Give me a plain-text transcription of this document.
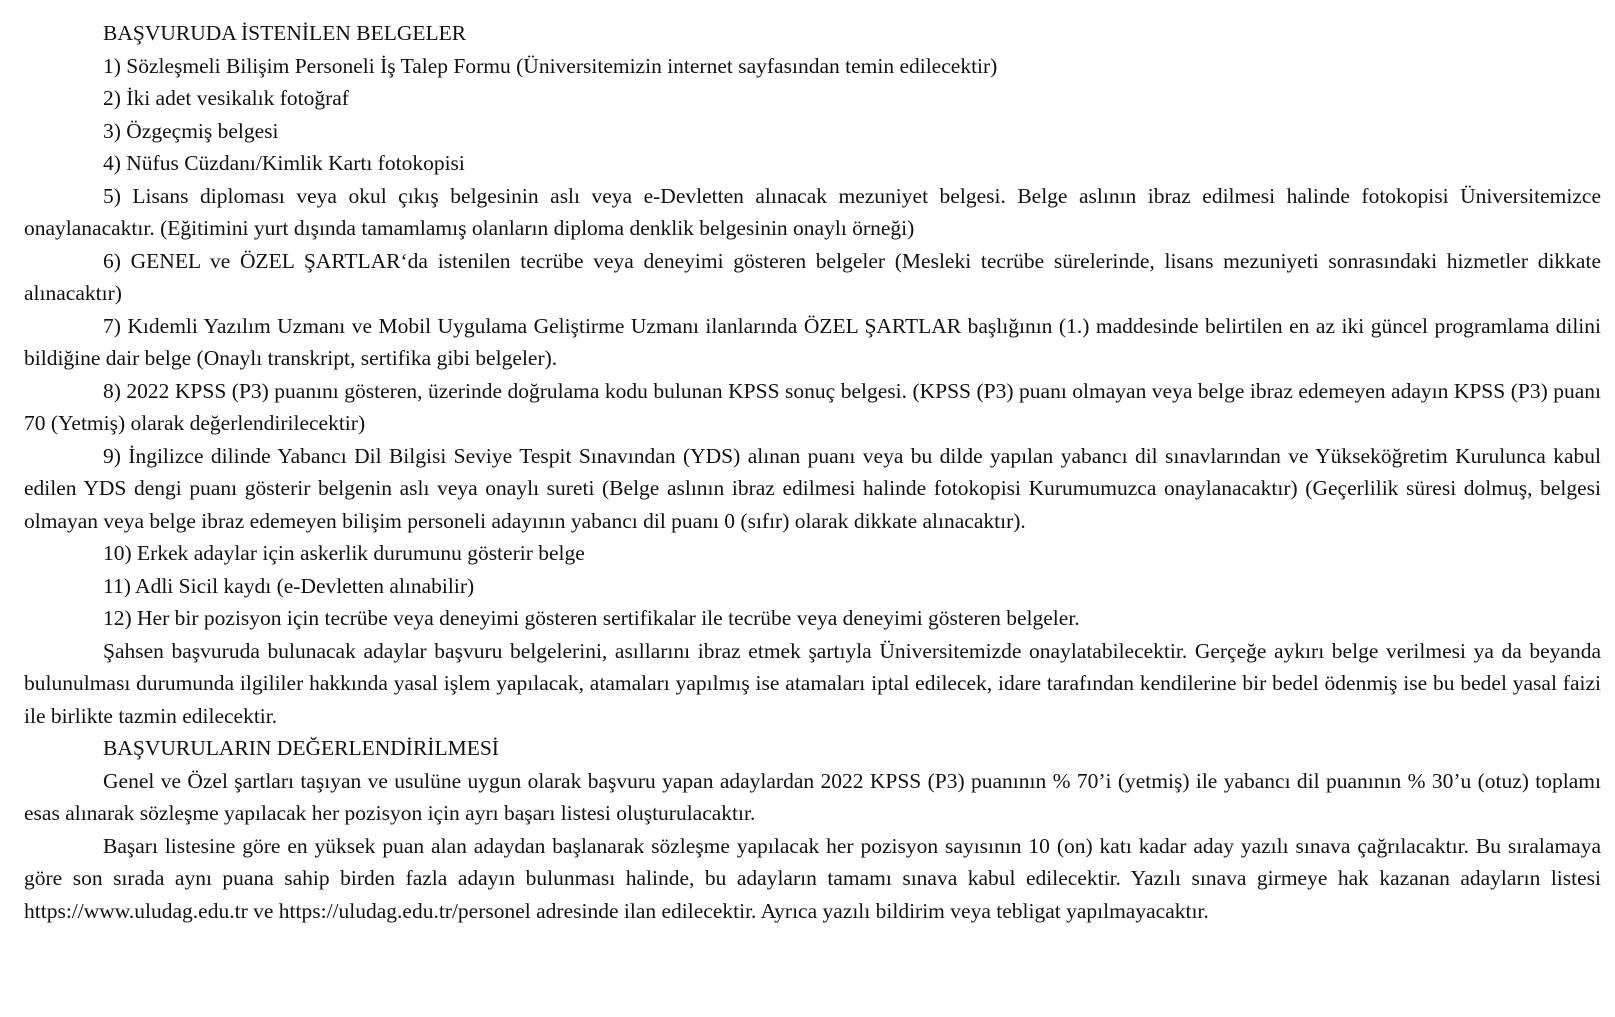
BAŞVURUDA İSTENİLEN BELGELER

1) Sözleşmeli Bilişim Personeli İş Talep Formu (Üniversitemizin internet sayfasından temin edilecektir)

2) İki adet vesikalık fotoğraf

3) Özgeçmiş belgesi

4) Nüfus Cüzdanı/Kimlik Kartı fotokopisi

5) Lisans diploması veya okul çıkış belgesinin aslı veya e-Devletten alınacak mezuniyet belgesi. Belge aslının ibraz edilmesi halinde fotokopisi Üniversitemizce onaylanacaktır. (Eğitimini yurt dışında tamamlamış olanların diploma denklik belgesinin onaylı örneği)

6) GENEL ve ÖZEL ŞARTLAR‘da istenilen tecrübe veya deneyimi gösteren belgeler (Mesleki tecrübe sürelerinde, lisans mezuniyeti sonrasındaki hizmetler dikkate alınacaktır)

7) Kıdemli Yazılım Uzmanı ve Mobil Uygulama Geliştirme Uzmanı ilanlarında ÖZEL ŞARTLAR başlığının (1.) maddesinde belirtilen en az iki güncel programlama dilini bildiğine dair belge (Onaylı transkript, sertifika gibi belgeler).

8) 2022 KPSS (P3) puanını gösteren, üzerinde doğrulama kodu bulunan KPSS sonuç belgesi. (KPSS (P3) puanı olmayan veya belge ibraz edemeyen adayın KPSS (P3) puanı 70 (Yetmiş) olarak değerlendirilecektir)

9) İngilizce dilinde Yabancı Dil Bilgisi Seviye Tespit Sınavından (YDS) alınan puanı veya bu dilde yapılan yabancı dil sınavlarından ve Yükseköğretim Kurulunca kabul edilen YDS dengi puanı gösterir belgenin aslı veya onaylı sureti (Belge aslının ibraz edilmesi halinde fotokopisi Kurumumuzca onaylanacaktır) (Geçerlilik süresi dolmuş, belgesi olmayan veya belge ibraz edemeyen bilişim personeli adayının yabancı dil puanı 0 (sıfır) olarak dikkate alınacaktır).

10) Erkek adaylar için askerlik durumunu gösterir belge

11) Adli Sicil kaydı (e-Devletten alınabilir)

12) Her bir pozisyon için tecrübe veya deneyimi gösteren sertifikalar ile tecrübe veya deneyimi gösteren belgeler.

Şahsen başvuruda bulunacak adaylar başvuru belgelerini, asıllarını ibraz etmek şartıyla Üniversitemizde onaylatabilecektir. Gerçeğe aykırı belge verilmesi ya da beyanda bulunulması durumunda ilgililer hakkında yasal işlem yapılacak, atamaları yapılmış ise atamaları iptal edilecek, idare tarafından kendilerine bir bedel ödenmiş ise bu bedel yasal faizi ile birlikte tazmin edilecektir.

BAŞVURULARIN DEĞERLENDİRİLMESİ

Genel ve Özel şartları taşıyan ve usulüne uygun olarak başvuru yapan adaylardan 2022 KPSS (P3) puanının % 70’i (yetmiş) ile yabancı dil puanının % 30’u (otuz) toplamı esas alınarak sözleşme yapılacak her pozisyon için ayrı başarı listesi oluşturulacaktır.

Başarı listesine göre en yüksek puan alan adaydan başlanarak sözleşme yapılacak her pozisyon sayısının 10 (on) katı kadar aday yazılı sınava çağrılacaktır. Bu sıralamaya göre son sırada aynı puana sahip birden fazla adayın bulunması halinde, bu adayların tamamı sınava kabul edilecektir. Yazılı sınava girmeye hak kazanan adayların listesi https://www.uludag.edu.tr ve https://uludag.edu.tr/personel adresinde ilan edilecektir. Ayrıca yazılı bildirim veya tebligat yapılmayacaktır.
